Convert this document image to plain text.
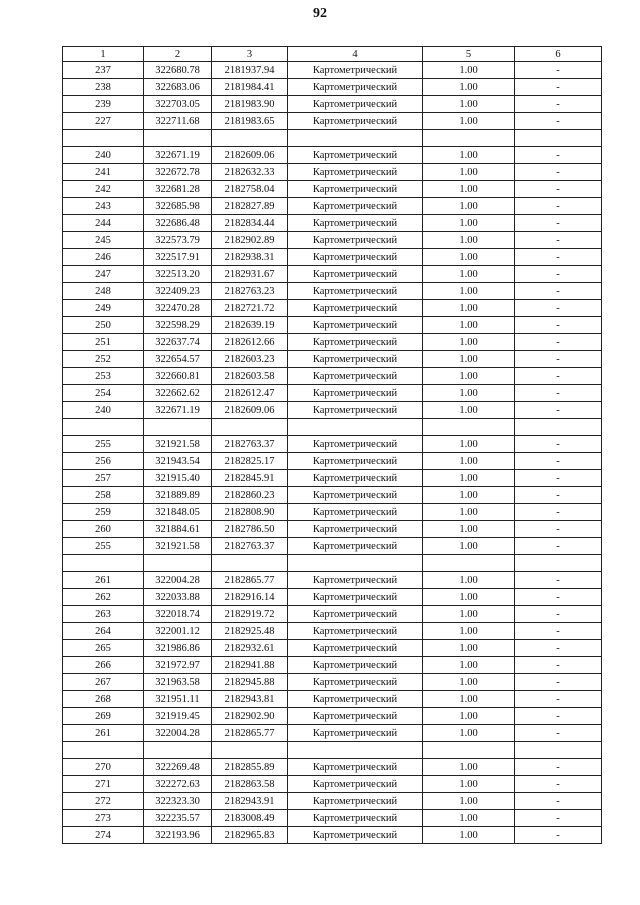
92
1	2	3	4	5	6
237	322680.78	2181937.94	Картометрический	1.00	-
238	322683.06	2181984.41	Картометрический	1.00	-
239	322703.05	2181983.90	Картометрический	1.00	-
227	322711.68	2181983.65	Картометрический	1.00	-

240	322671.19	2182609.06	Картометрический	1.00	-
241	322672.78	2182632.33	Картометрический	1.00	-
242	322681.28	2182758.04	Картометрический	1.00	-
243	322685.98	2182827.89	Картометрический	1.00	-
244	322686.48	2182834.44	Картометрический	1.00	-
245	322573.79	2182902.89	Картометрический	1.00	-
246	322517.91	2182938.31	Картометрический	1.00	-
247	322513.20	2182931.67	Картометрический	1.00	-
248	322409.23	2182763.23	Картометрический	1.00	-
249	322470.28	2182721.72	Картометрический	1.00	-
250	322598.29	2182639.19	Картометрический	1.00	-
251	322637.74	2182612.66	Картометрический	1.00	-
252	322654.57	2182603.23	Картометрический	1.00	-
253	322660.81	2182603.58	Картометрический	1.00	-
254	322662.62	2182612.47	Картометрический	1.00	-
240	322671.19	2182609.06	Картометрический	1.00	-

255	321921.58	2182763.37	Картометрический	1.00	-
256	321943.54	2182825.17	Картометрический	1.00	-
257	321915.40	2182845.91	Картометрический	1.00	-
258	321889.89	2182860.23	Картометрический	1.00	-
259	321848.05	2182808.90	Картометрический	1.00	-
260	321884.61	2182786.50	Картометрический	1.00	-
255	321921.58	2182763.37	Картометрический	1.00	-

261	322004.28	2182865.77	Картометрический	1.00	-
262	322033.88	2182916.14	Картометрический	1.00	-
263	322018.74	2182919.72	Картометрический	1.00	-
264	322001.12	2182925.48	Картометрический	1.00	-
265	321986.86	2182932.61	Картометрический	1.00	-
266	321972.97	2182941.88	Картометрический	1.00	-
267	321963.58	2182945.88	Картометрический	1.00	-
268	321951.11	2182943.81	Картометрический	1.00	-
269	321919.45	2182902.90	Картометрический	1.00	-
261	322004.28	2182865.77	Картометрический	1.00	-

270	322269.48	2182855.89	Картометрический	1.00	-
271	322272.63	2182863.58	Картометрический	1.00	-
272	322323.30	2182943.91	Картометрический	1.00	-
273	322235.57	2183008.49	Картометрический	1.00	-
274	322193.96	2182965.83	Картометрический	1.00	-
